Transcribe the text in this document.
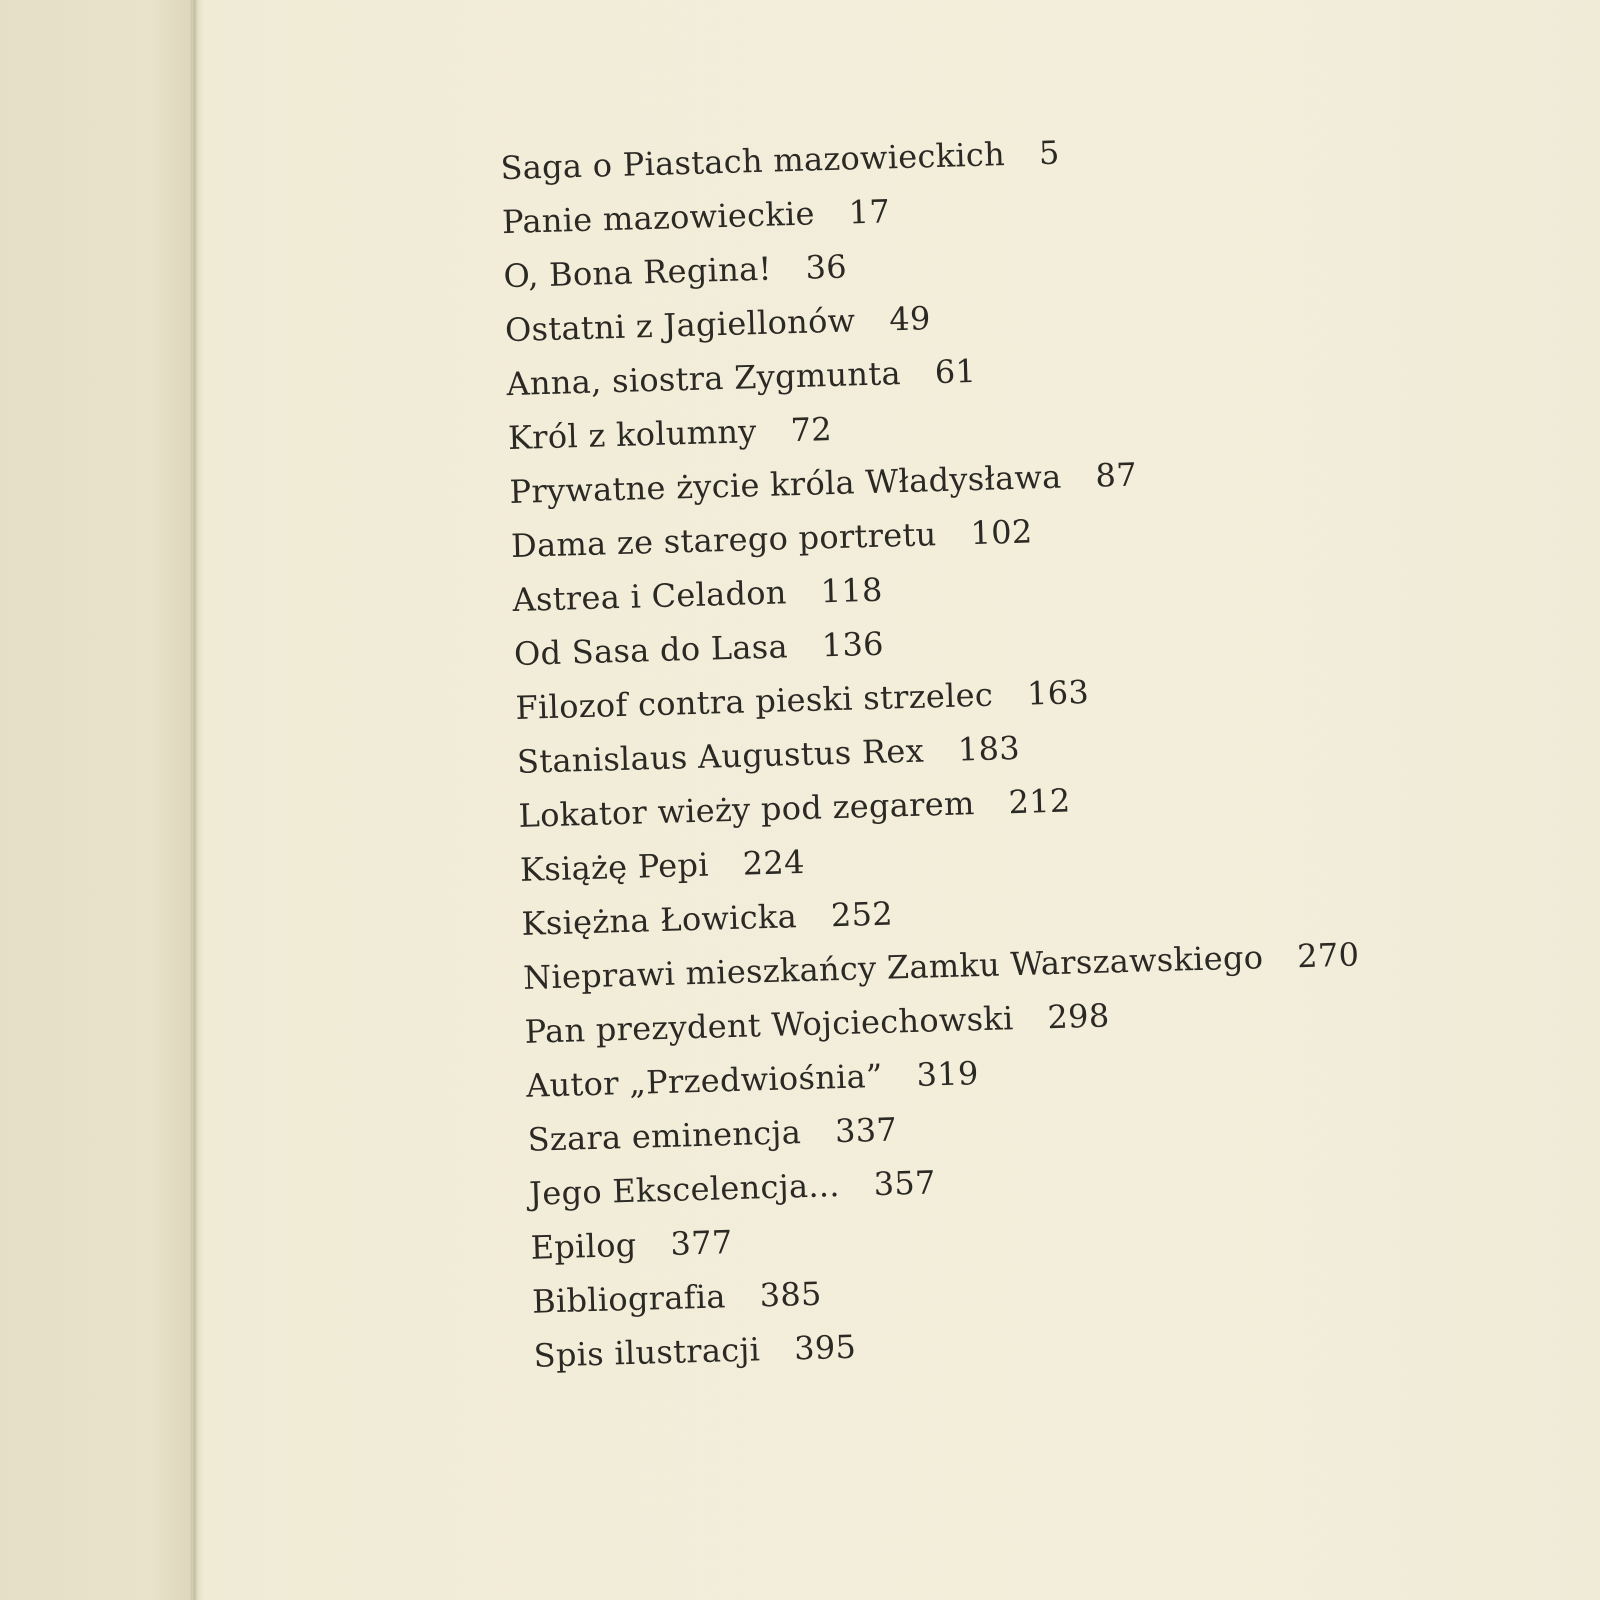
Saga o Piastach mazowieckich 5
Panie mazowieckie 17
O, Bona Regina! 36
Ostatni z Jagiellonów 49
Anna, siostra Zygmunta 61
Król z kolumny 72
Prywatne życie króla Władysława 87
Dama ze starego portretu 102
Astrea i Celadon 118
Od Sasa do Lasa 136
Filozof contra pieski strzelec 163
Stanislaus Augustus Rex 183
Lokator wieży pod zegarem 212
Książę Pepi 224
Księżna Łowicka 252
Nieprawi mieszkańcy Zamku Warszawskiego 270
Pan prezydent Wojciechowski 298
Autor „Przedwiośnia” 319
Szara eminencja 337
Jego Ekscelencja... 357
Epilog 377
Bibliografia 385
Spis ilustracji 395
